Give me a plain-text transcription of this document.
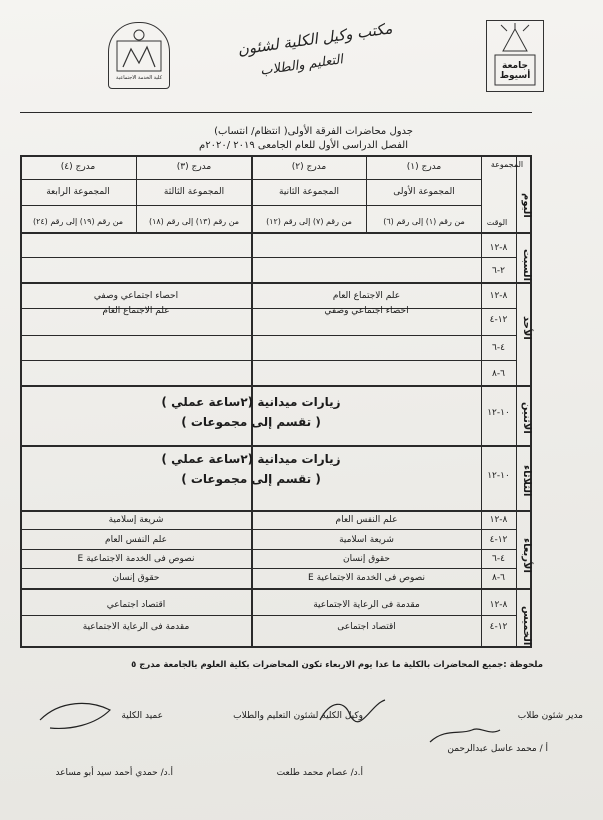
كلية الخدمة الاجتماعية
جامعة أسيوط
مكتب وكيل الكلية لشئون
التعليم والطلاب
جدول محاضرات الفرقة الأولى( انتظام/ انتساب)
الفصل الدراسى الأول للعام الجامعى ٢٠١٩ /٢٠٢٠م
المجموعة
اليوم
الوقت
مدرج (١)
مدرج (٢)
مدرج (٣)
مدرج (٤)
المجموعة الأولى
المجموعة الثانية
المجموعة الثالثة
المجموعة الرابعة
من رقم (١) إلى رقم (٦)
من رقم (٧) إلى رقم (١٢)
من رقم (١٣) إلى رقم (١٨)
من رقم (١٩) إلى رقم (٢٤)
السبت
٨-١٢
٢-٦
الأحد
٨-١٢
١٢-٤
٤-٦
٦-٨
علم الاجتماع العام
احصاء اجتماعي وصفي
احصاء اجتماعي وصفي
علم الاجتماع العام
الاثنين
١٠-١٢
زيارات ميدانية (٢ساعة عملي )
( تقسم إلى مجموعات )
الثلاثاء
١٠-١٢
زيارات ميدانية (٢ساعة عملي )
( تقسم إلى مجموعات )
الأربعاء
٨-١٢
١٢-٤
٤-٦
٦-٨
علم النفس العام
شريعة اسلامية
حقوق إنسان
نصوص فى الخدمة الاجتماعية E
شريعة إسلامية
علم النفس العام
نصوص فى الخدمة الاجتماعية E
حقوق إنسان
الخميس
٨-١٢
١٢-٤
مقدمة فى الرعاية الاجتماعية
اقتصاد اجتماعى
اقتصاد اجتماعي
مقدمة فى الرعاية الاجتماعية
ملحوظة :جميع المحاضرات بالكلية ما عدا يوم الاربعاء تكون المحاضرات بكلية العلوم بالجامعة مدرج ٥
مدير شئون طلاب
وكيل الكلية لشئون التعليم والطلاب
عميد الكلية
أ / محمد عاسل عبدالرحمن
أ.د/ عصام محمد طلعت
أ.د/ حمدي أحمد سيد أبو مساعد
